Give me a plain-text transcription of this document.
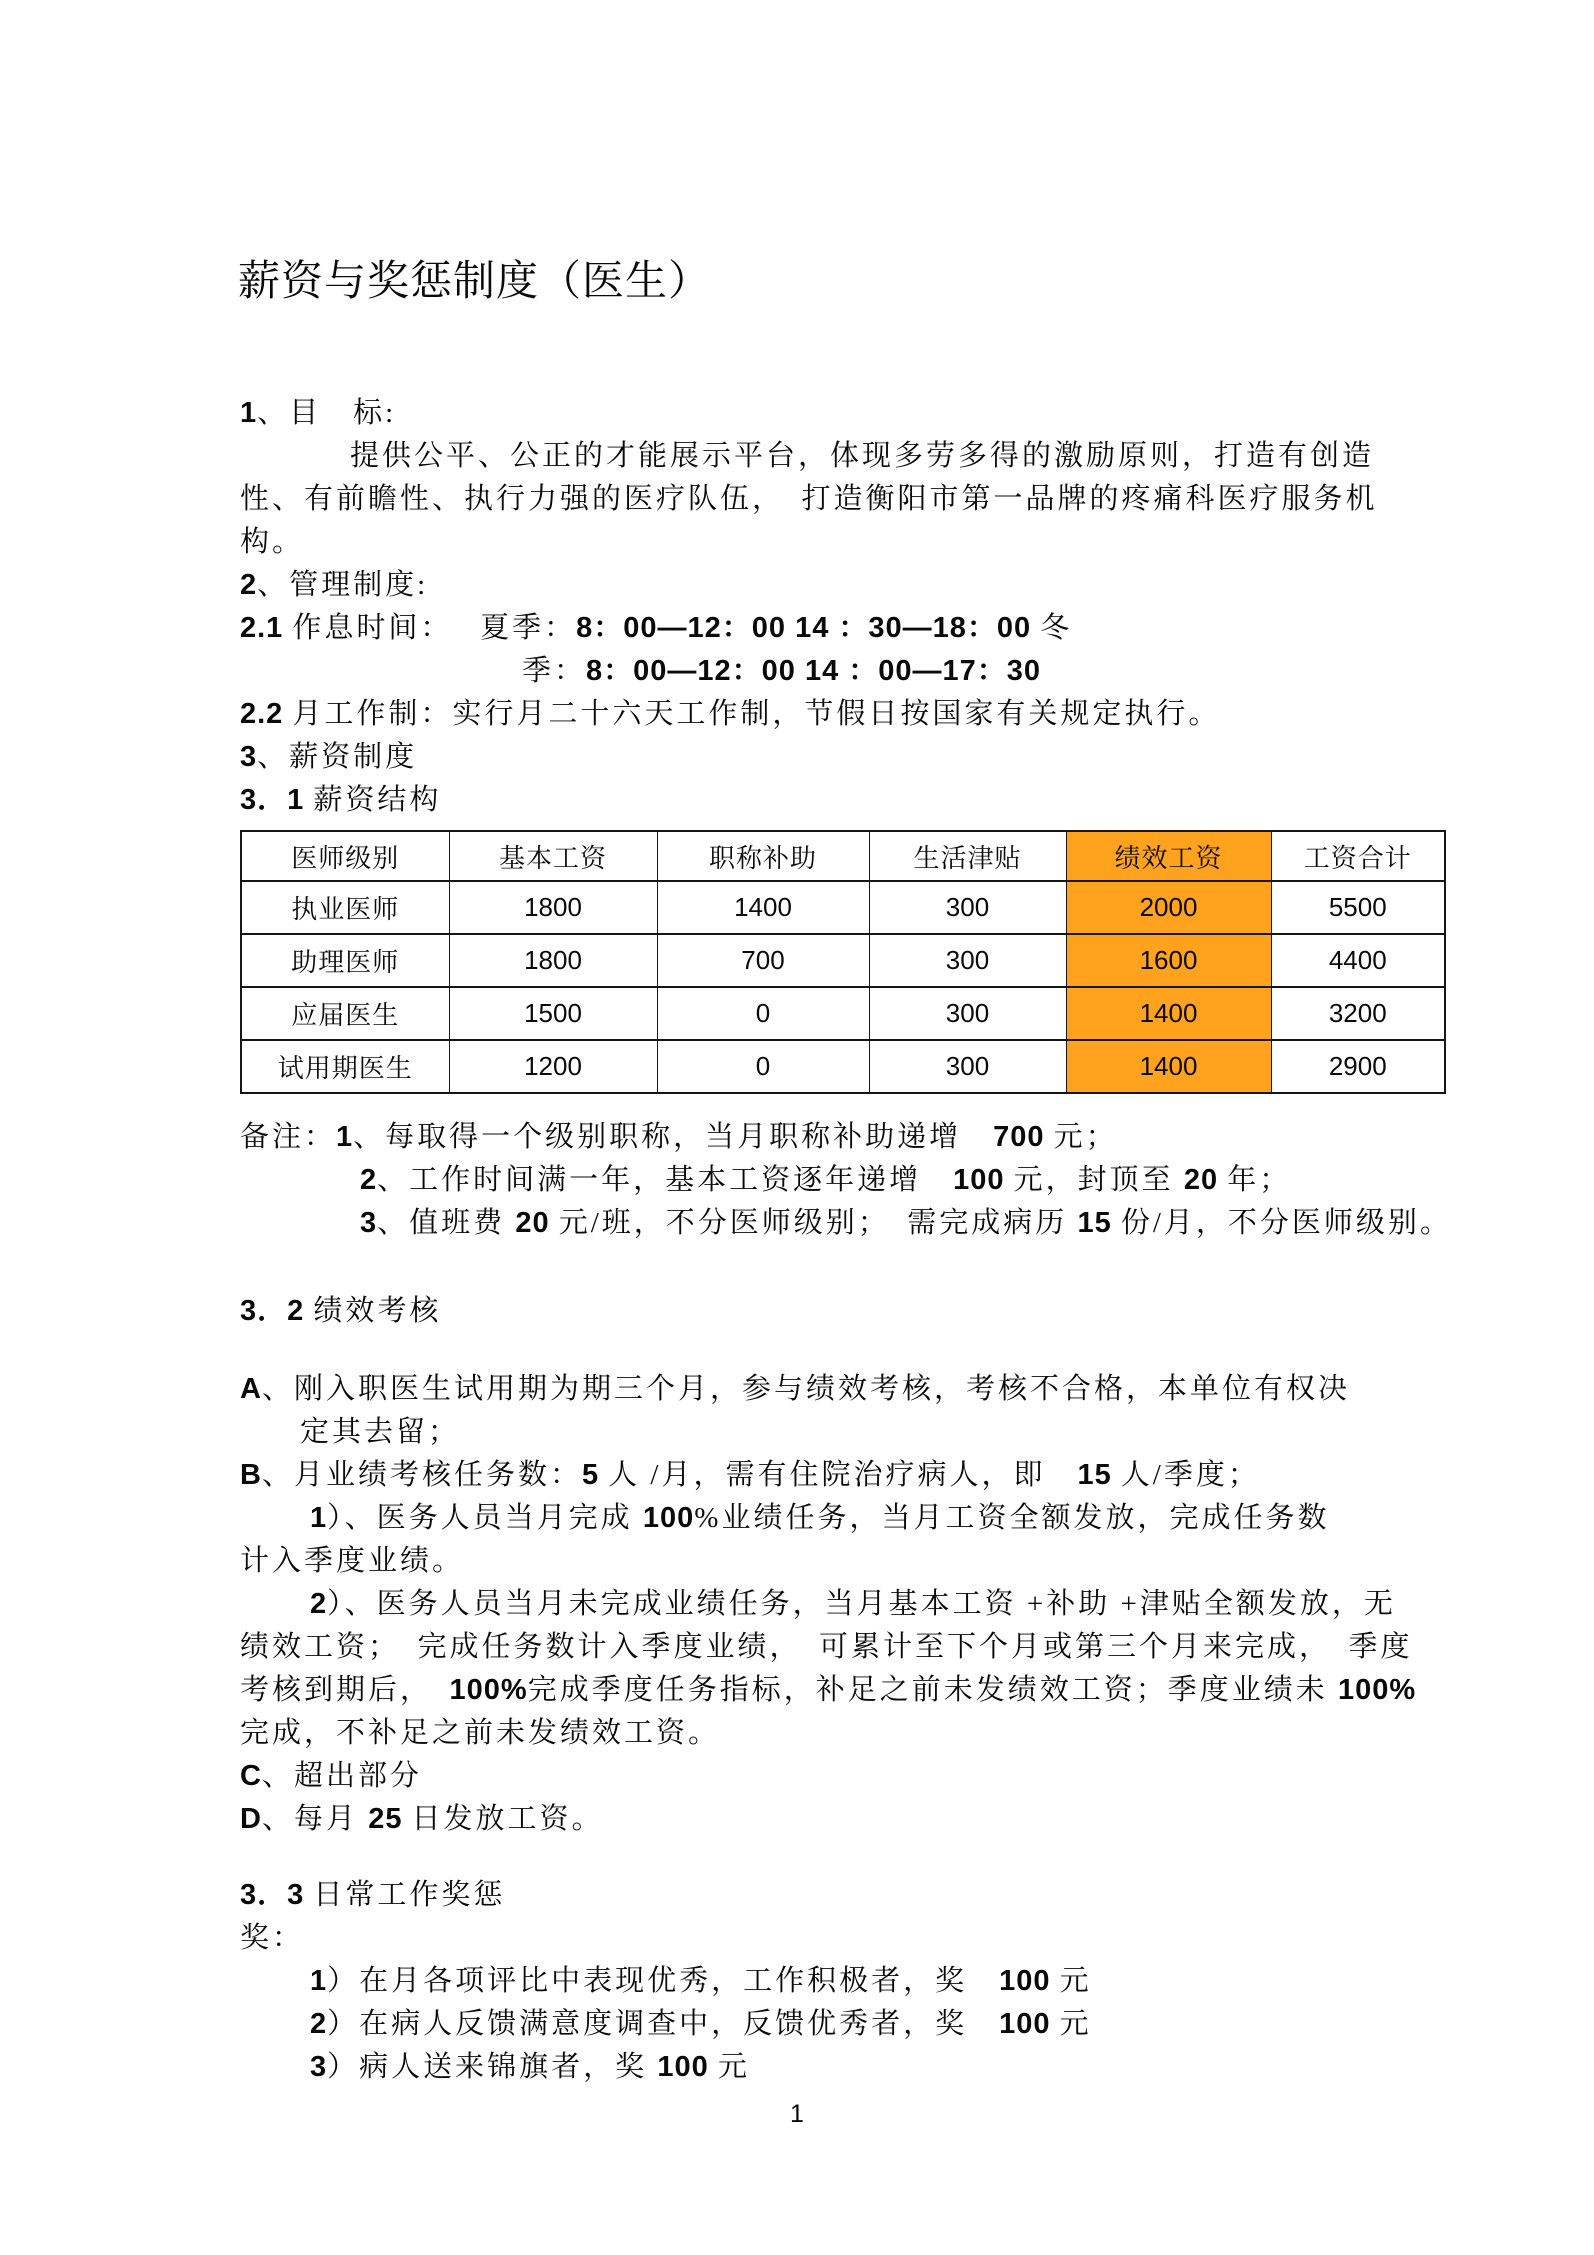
薪资与奖惩制度（医生）
1、目　标:
提供公平、公正的才能展示平台，体现多劳多得的激励原则，打造有创造
性、有前瞻性、执行力强的医疗队伍，　打造衡阳市第一品牌的疼痛科医疗服务机
构。
2、管理制度:
2.1 作息时间：　 夏季：8：00—12：00 14 ：30—18：00 冬
季：8：00—12：00 14 ：00—17：30
2.2 月工作制：实行月二十六天工作制，节假日按国家有关规定执行。
3、薪资制度
3．1 薪资结构
医师级别	基本工资	职称补助	生活津贴	绩效工资	工资合计
执业医师	1800	1400	300	2000	5500
助理医师	1800	700	300	1600	4400
应届医生	1500	0	300	1400	3200
试用期医生	1200	0	300	1400	2900
备注：1、每取得一个级别职称，当月职称补助递增　700 元；
2、工作时间满一年，基本工资逐年递增　100 元，封顶至 20 年；
3、值班费 20 元/班，不分医师级别；　需完成病历 15 份/月，不分医师级别。
3．2 绩效考核
A、刚入职医生试用期为期三个月，参与绩效考核，考核不合格，本单位有权决
定其去留；
B、月业绩考核任务数：5 人 /月，需有住院治疗病人，即　15 人/季度；
1）、医务人员当月完成 100%业绩任务，当月工资全额发放，完成任务数
计入季度业绩。
2）、医务人员当月未完成业绩任务，当月基本工资 +补助 +津贴全额发放，无
绩效工资；　完成任务数计入季度业绩，　可累计至下个月或第三个月来完成，　季度
考核到期后，　100%完成季度任务指标，补足之前未发绩效工资；季度业绩未 100%
完成，不补足之前未发绩效工资。
C、超出部分
D、每月 25 日发放工资。
3．3 日常工作奖惩
奖：
1）在月各项评比中表现优秀，工作积极者，奖　100 元
2）在病人反馈满意度调查中，反馈优秀者，奖　100 元
3）病人送来锦旗者，奖 100 元
1
